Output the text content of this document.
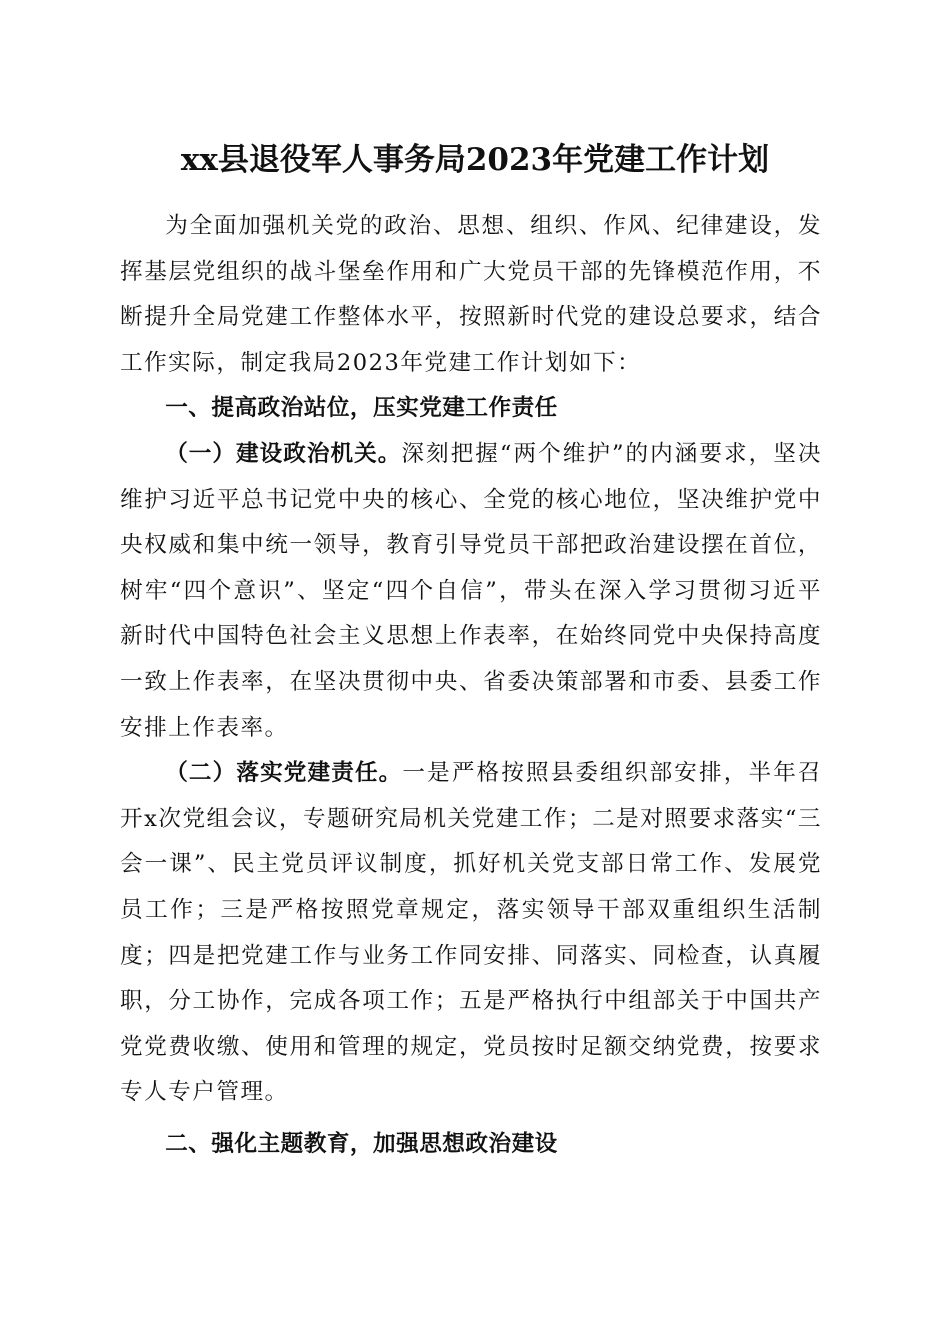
xx县退役军人事务局2023年党建工作计划

为全面加强机关党的政治、思想、组织、作风、纪律建设，发挥基层党组织的战斗堡垒作用和广大党员干部的先锋模范作用，不断提升全局党建工作整体水平，按照新时代党的建设总要求，结合工作实际，制定我局2023年党建工作计划如下：

一、提高政治站位，压实党建工作责任

（一）建设政治机关。深刻把握“两个维护”的内涵要求，坚决维护习近平总书记党中央的核心、全党的核心地位，坚决维护党中央权威和集中统一领导，教育引导党员干部把政治建设摆在首位，树牢“四个意识”、坚定“四个自信”，带头在深入学习贯彻习近平新时代中国特色社会主义思想上作表率，在始终同党中央保持高度一致上作表率，在坚决贯彻中央、省委决策部署和市委、县委工作安排上作表率。

（二）落实党建责任。一是严格按照县委组织部安排，半年召开x次党组会议，专题研究局机关党建工作；二是对照要求落实“三会一课”、民主党员评议制度，抓好机关党支部日常工作、发展党员工作；三是严格按照党章规定，落实领导干部双重组织生活制度；四是把党建工作与业务工作同安排、同落实、同检查，认真履职，分工协作，完成各项工作；五是严格执行中组部关于中国共产党党费收缴、使用和管理的规定，党员按时足额交纳党费，按要求专人专户管理。

二、强化主题教育，加强思想政治建设
